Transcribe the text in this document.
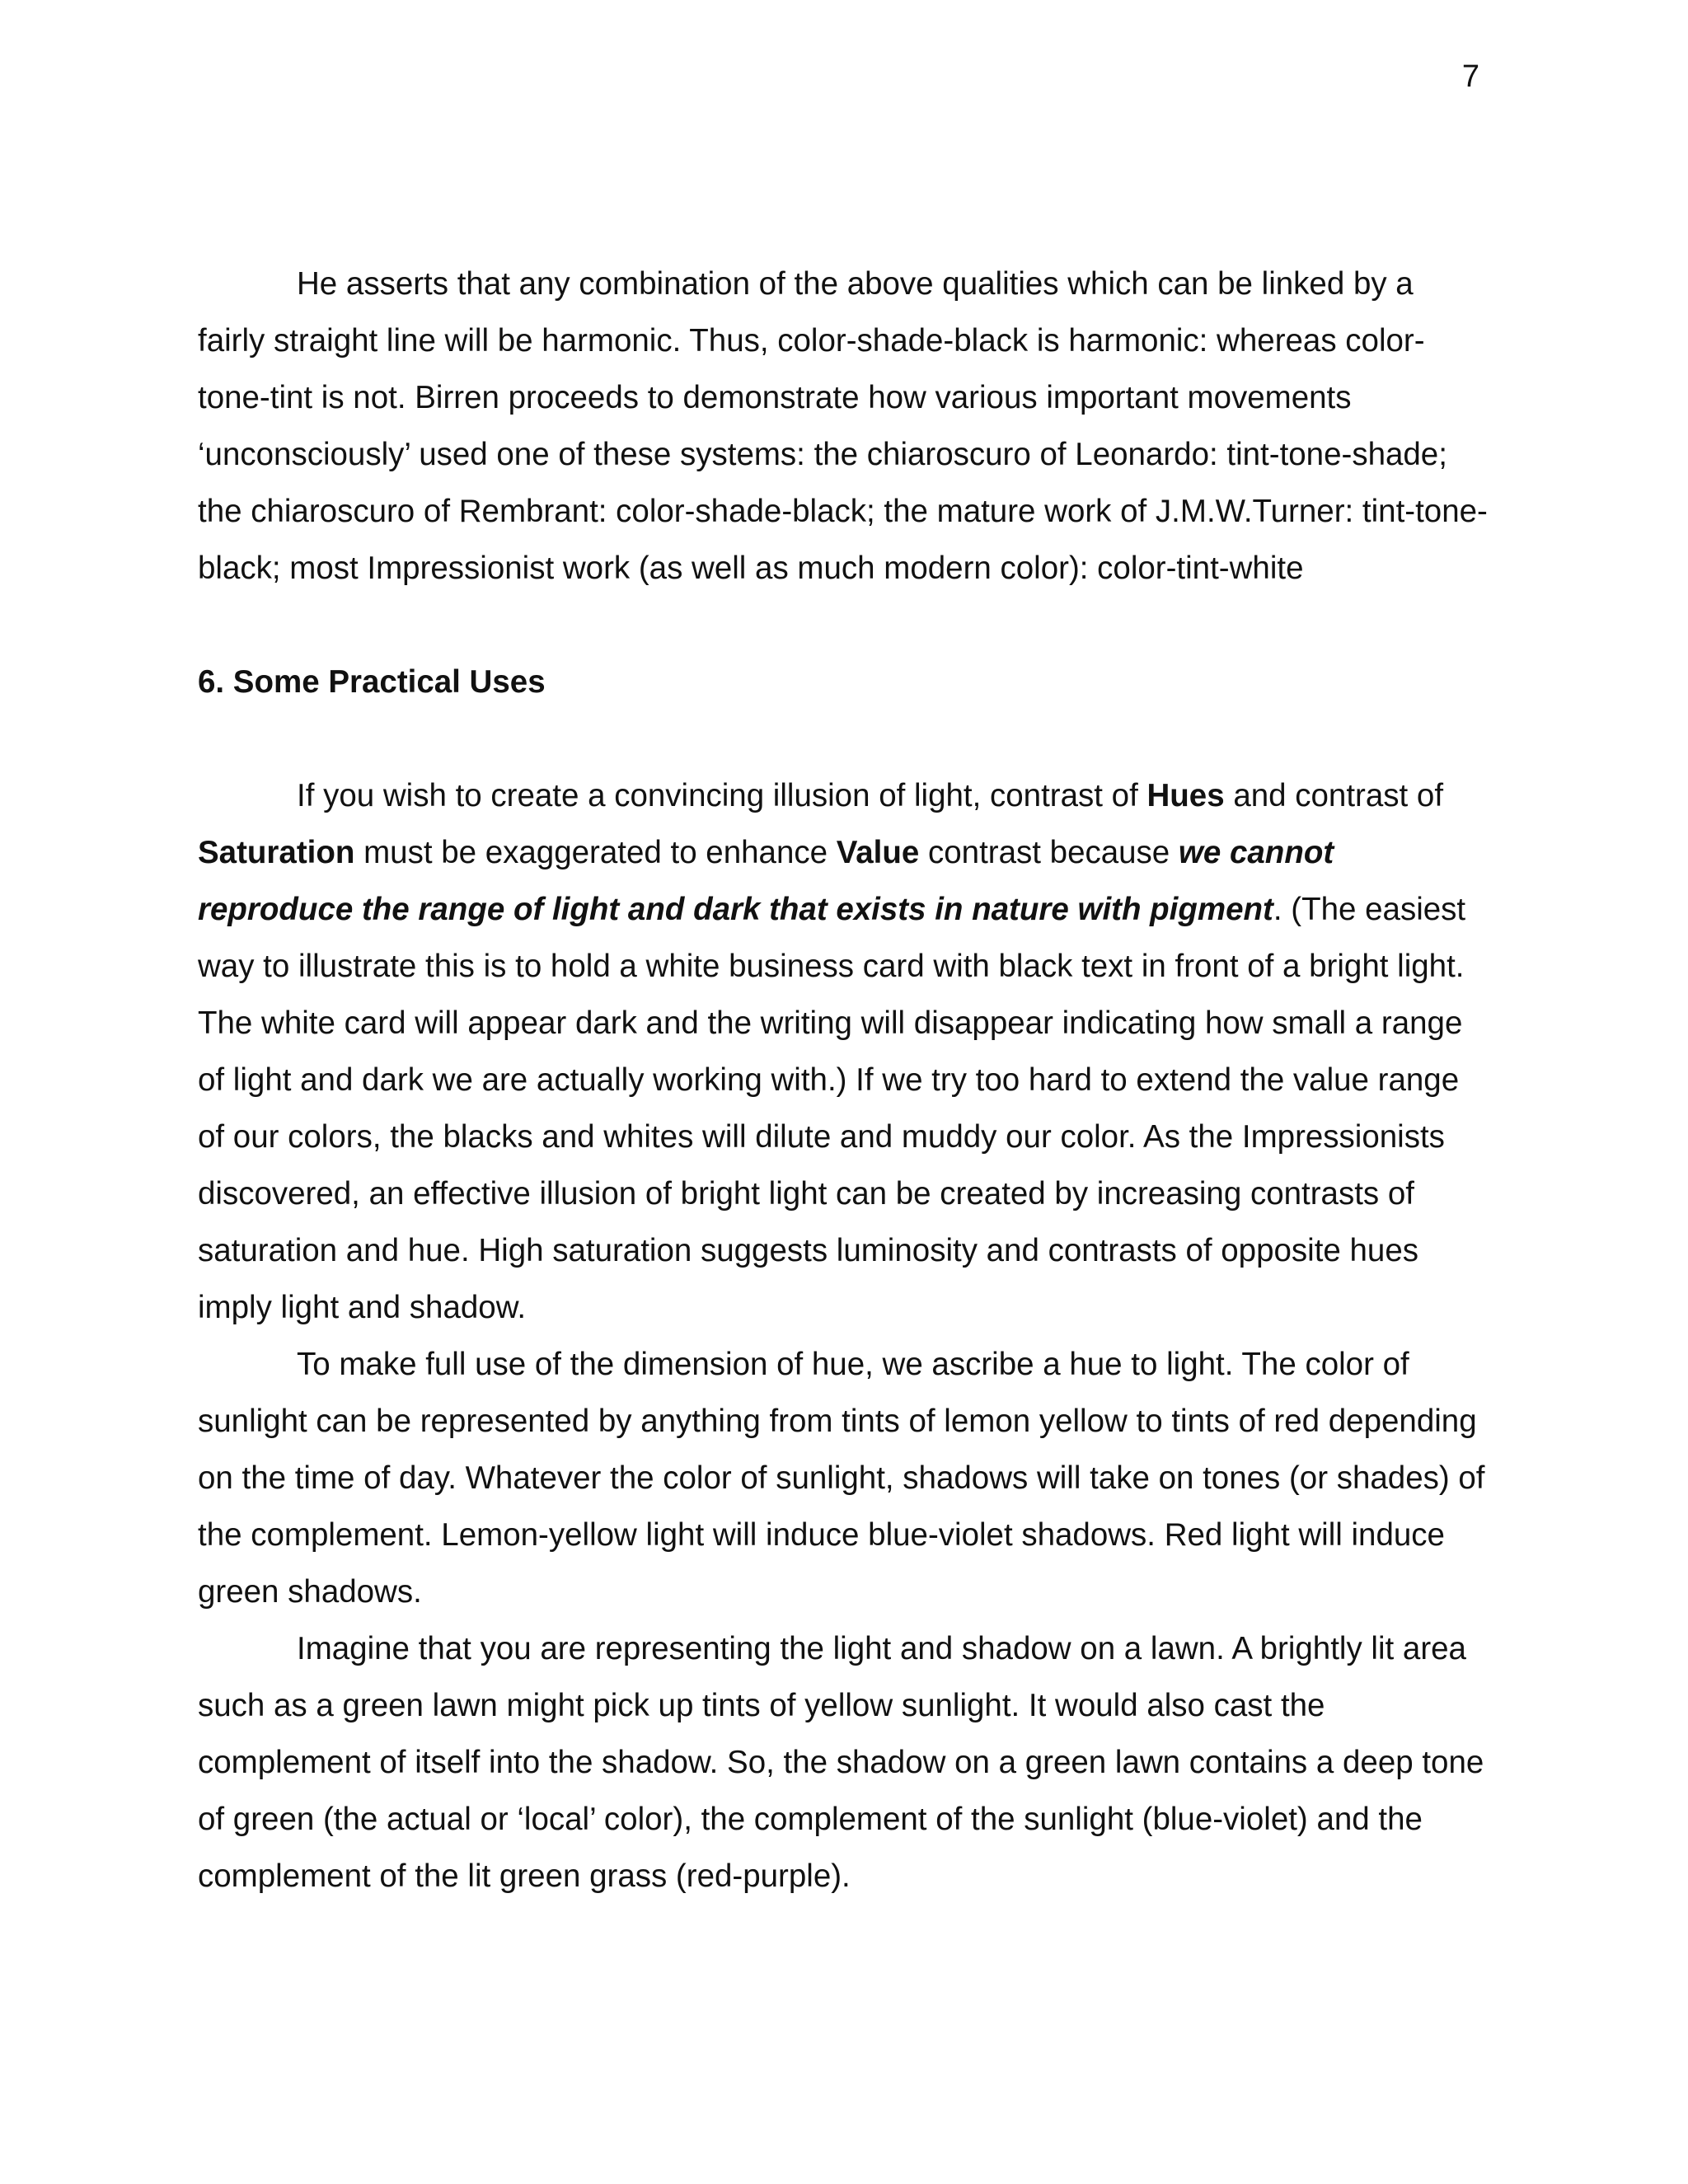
7

He asserts that any combination of the above qualities which can be linked by a fairly straight line will be harmonic. Thus, color-shade-black is harmonic: whereas color-tone-tint is not. Birren proceeds to demonstrate how various important movements ‘unconsciously’ used one of these systems: the chiaroscuro of Leonardo: tint-tone-shade; the chiaroscuro of Rembrant: color-shade-black; the mature work of J.M.W.Turner: tint-tone-black; most Impressionist work (as well as much modern color): color-tint-white

6. Some Practical Uses

If you wish to create a convincing illusion of light, contrast of Hues and contrast of Saturation must be exaggerated to enhance Value contrast because we cannot reproduce the range of light and dark that exists in nature with pigment. (The easiest way to illustrate this is to hold a white business card with black text in front of a bright light. The white card will appear dark and the writing will disappear indicating how small a range of light and dark we are actually working with.) If we try too hard to extend the value range of our colors, the blacks and whites will dilute and muddy our color. As the Impressionists discovered, an effective illusion of bright light can be created by increasing contrasts of saturation and hue. High saturation suggests luminosity and contrasts of opposite hues imply light and shadow.

To make full use of the dimension of hue, we ascribe a hue to light. The color of sunlight can be represented by anything from tints of lemon yellow to tints of red depending on the time of day. Whatever the color of sunlight, shadows will take on tones (or shades) of the complement. Lemon-yellow light will induce blue-violet shadows. Red light will induce green shadows.

Imagine that you are representing the light and shadow on a lawn. A brightly lit area such as a green lawn might pick up tints of yellow sunlight. It would also cast the complement of itself into the shadow. So, the shadow on a green lawn contains a deep tone of green (the actual or ‘local’ color), the complement of the sunlight (blue-violet) and the complement of the lit green grass (red-purple).
